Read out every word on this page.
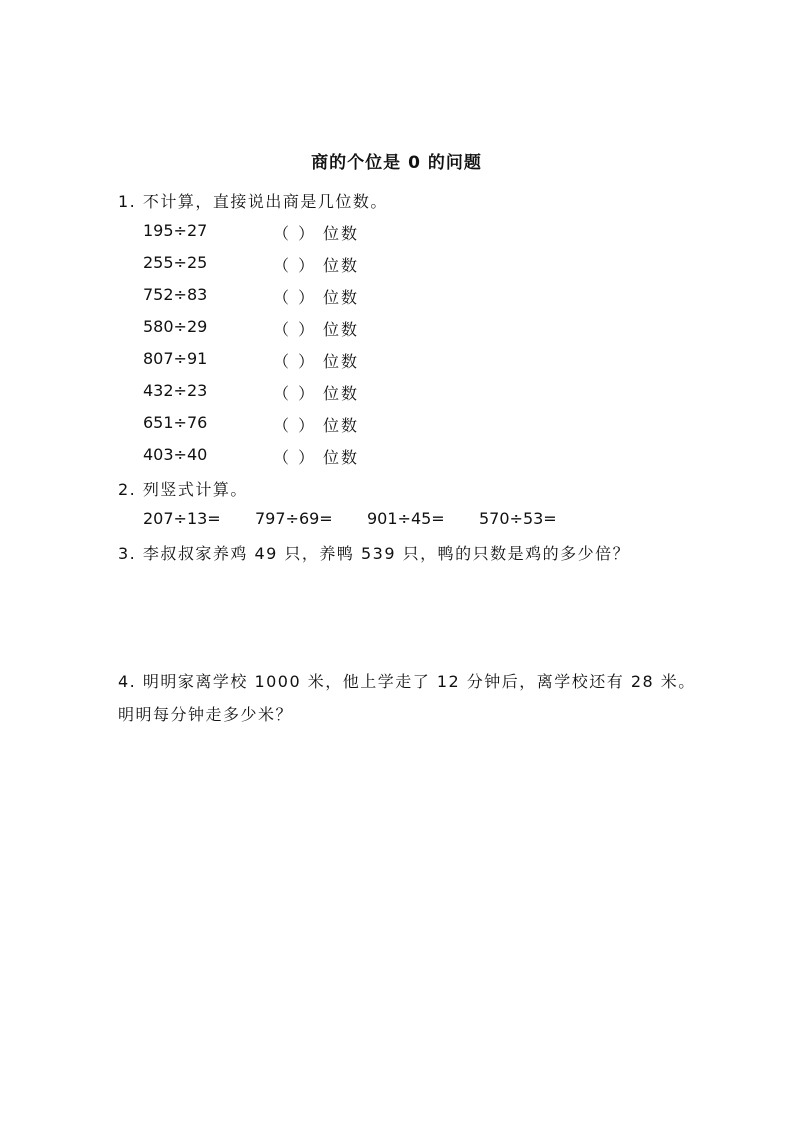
商的个位是 0 的问题
1. 不计算，直接说出商是几位数。
195÷27	（ ） 位数
255÷25	（ ） 位数
752÷83	（ ） 位数
580÷29	（ ） 位数
807÷91	（ ） 位数
432÷23	（ ） 位数
651÷76	（ ） 位数
403÷40	（ ） 位数
2. 列竖式计算。
207÷13= 797÷69= 901÷45= 570÷53=
3. 李叔叔家养鸡 49 只，养鸭 539 只，鸭的只数是鸡的多少倍？
4. 明明家离学校 1000 米，他上学走了 12 分钟后，离学校还有 28 米。
明明每分钟走多少米？
